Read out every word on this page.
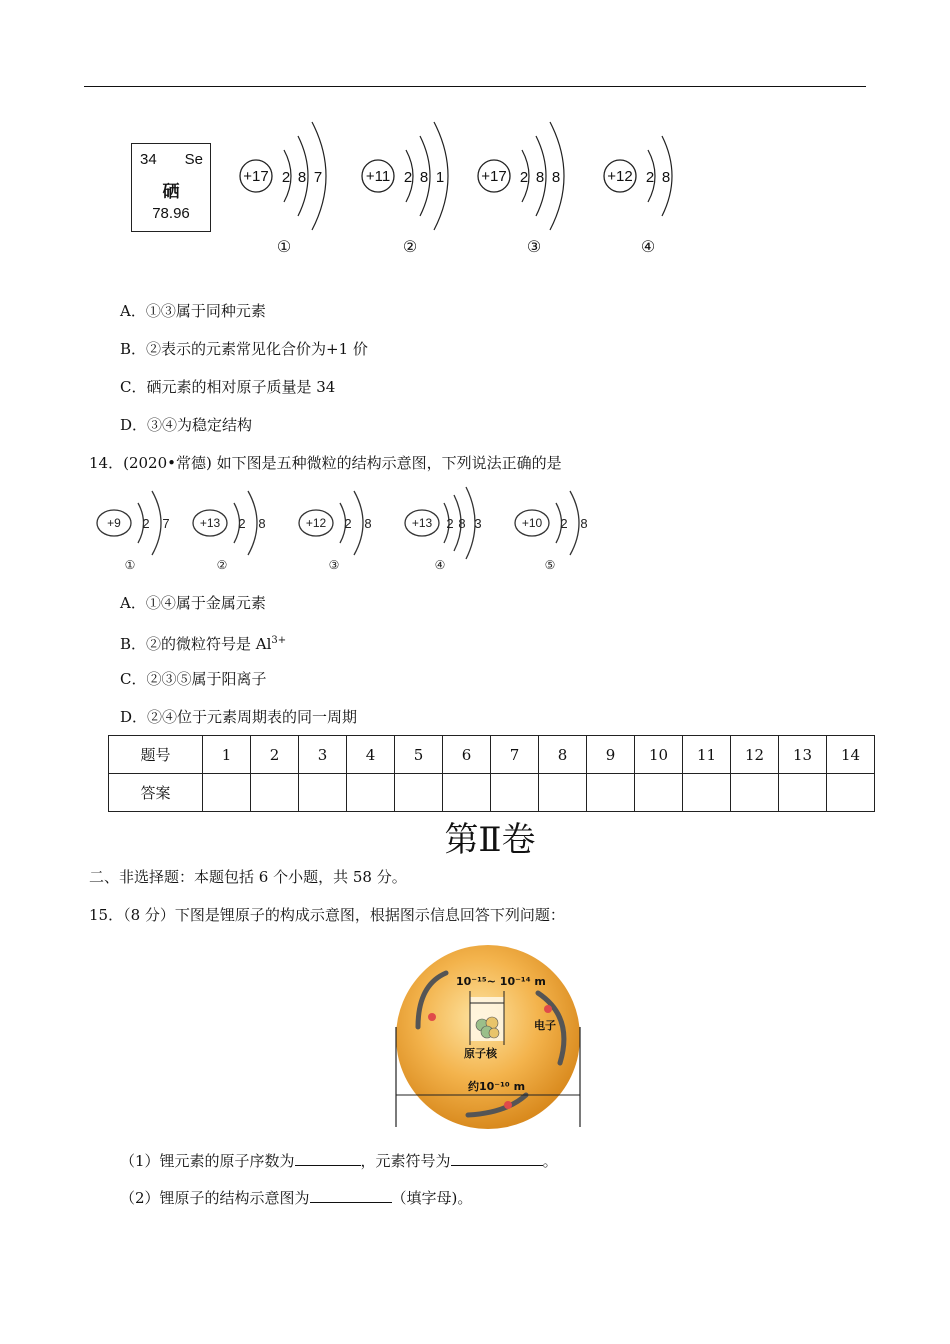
34 Se
硒
78.96
+17 2 8 7
①
+11 2 8 1
②
+17 2 8 8
③
+12 2 8
④
A．①③属于同种元素
B．②表示的元素常见化合价为+1 价
C．硒元素的相对原子质量是 34
D．③④为稳定结构
14．(2020•常德) 如下图是五种微粒的结构示意图，下列说法正确的是
+9 2 7
①
+13 2 8
②
+12 2 8
③
+13 2 8 3
④
+10 2 8
⑤
A．①④属于金属元素
B．②的微粒符号是 $Al^{3+}$
C．②③⑤属于阳离子
D．②④位于元素周期表的同一周期
题号	1	2	3	4	5	6	7	8	9	10	11	12	13	14
答案														
第Ⅱ卷
二、非选择题：本题包括 6 个小题，共 58 分。
15．（8 分）下图是锂原子的构成示意图，根据图示信息回答下列问题：
10⁻¹⁵~ 10⁻¹⁴ m
电子
原子核
约10⁻¹⁰ m
（1）锂元素的原子序数为	，元素符号为	。
（2）锂原子的结构示意图为	（填字母)。
